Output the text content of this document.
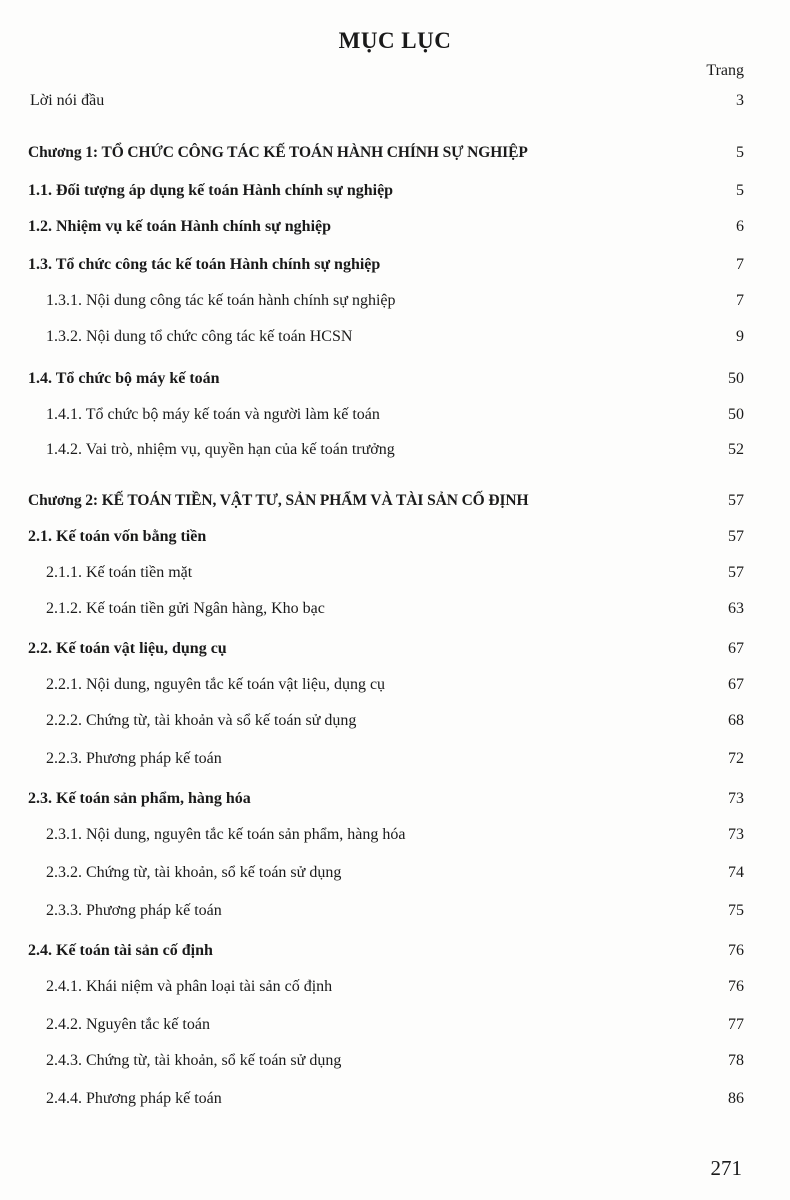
MỤC LỤC
Trang
Lời nói đầu	3
Chương 1: TỔ CHỨC CÔNG TÁC KẾ TOÁN HÀNH CHÍNH SỰ NGHIỆP	5
1.1. Đối tượng áp dụng kế toán Hành chính sự nghiệp	5
1.2. Nhiệm vụ kế toán Hành chính sự nghiệp	6
1.3. Tổ chức công tác kế toán Hành chính sự nghiệp	7
1.3.1. Nội dung công tác kế toán hành chính sự nghiệp	7
1.3.2. Nội dung tổ chức công tác kế toán HCSN	9
1.4. Tổ chức bộ máy kế toán	50
1.4.1. Tổ chức bộ máy kế toán và người làm kế toán	50
1.4.2. Vai trò, nhiệm vụ, quyền hạn của kế toán trưởng	52
Chương 2: KẾ TOÁN TIỀN, VẬT TƯ, SẢN PHẨM VÀ TÀI SẢN CỐ ĐỊNH	57
2.1. Kế toán vốn bằng tiền	57
2.1.1. Kế toán tiền mặt	57
2.1.2. Kế toán tiền gửi Ngân hàng, Kho bạc	63
2.2. Kế toán vật liệu, dụng cụ	67
2.2.1. Nội dung, nguyên tắc kế toán vật liệu, dụng cụ	67
2.2.2. Chứng từ, tài khoản và sổ kế toán sử dụng	68
2.2.3. Phương pháp kế toán	72
2.3. Kế toán sản phẩm, hàng hóa	73
2.3.1. Nội dung, nguyên tắc kế toán sản phẩm, hàng hóa	73
2.3.2. Chứng từ, tài khoản, sổ kế toán sử dụng	74
2.3.3. Phương pháp kế toán	75
2.4. Kế toán tài sản cố định	76
2.4.1. Khái niệm và phân loại tài sản cố định	76
2.4.2. Nguyên tắc kế toán	77
2.4.3. Chứng từ, tài khoản, sổ kế toán sử dụng	78
2.4.4. Phương pháp kế toán	86
271
